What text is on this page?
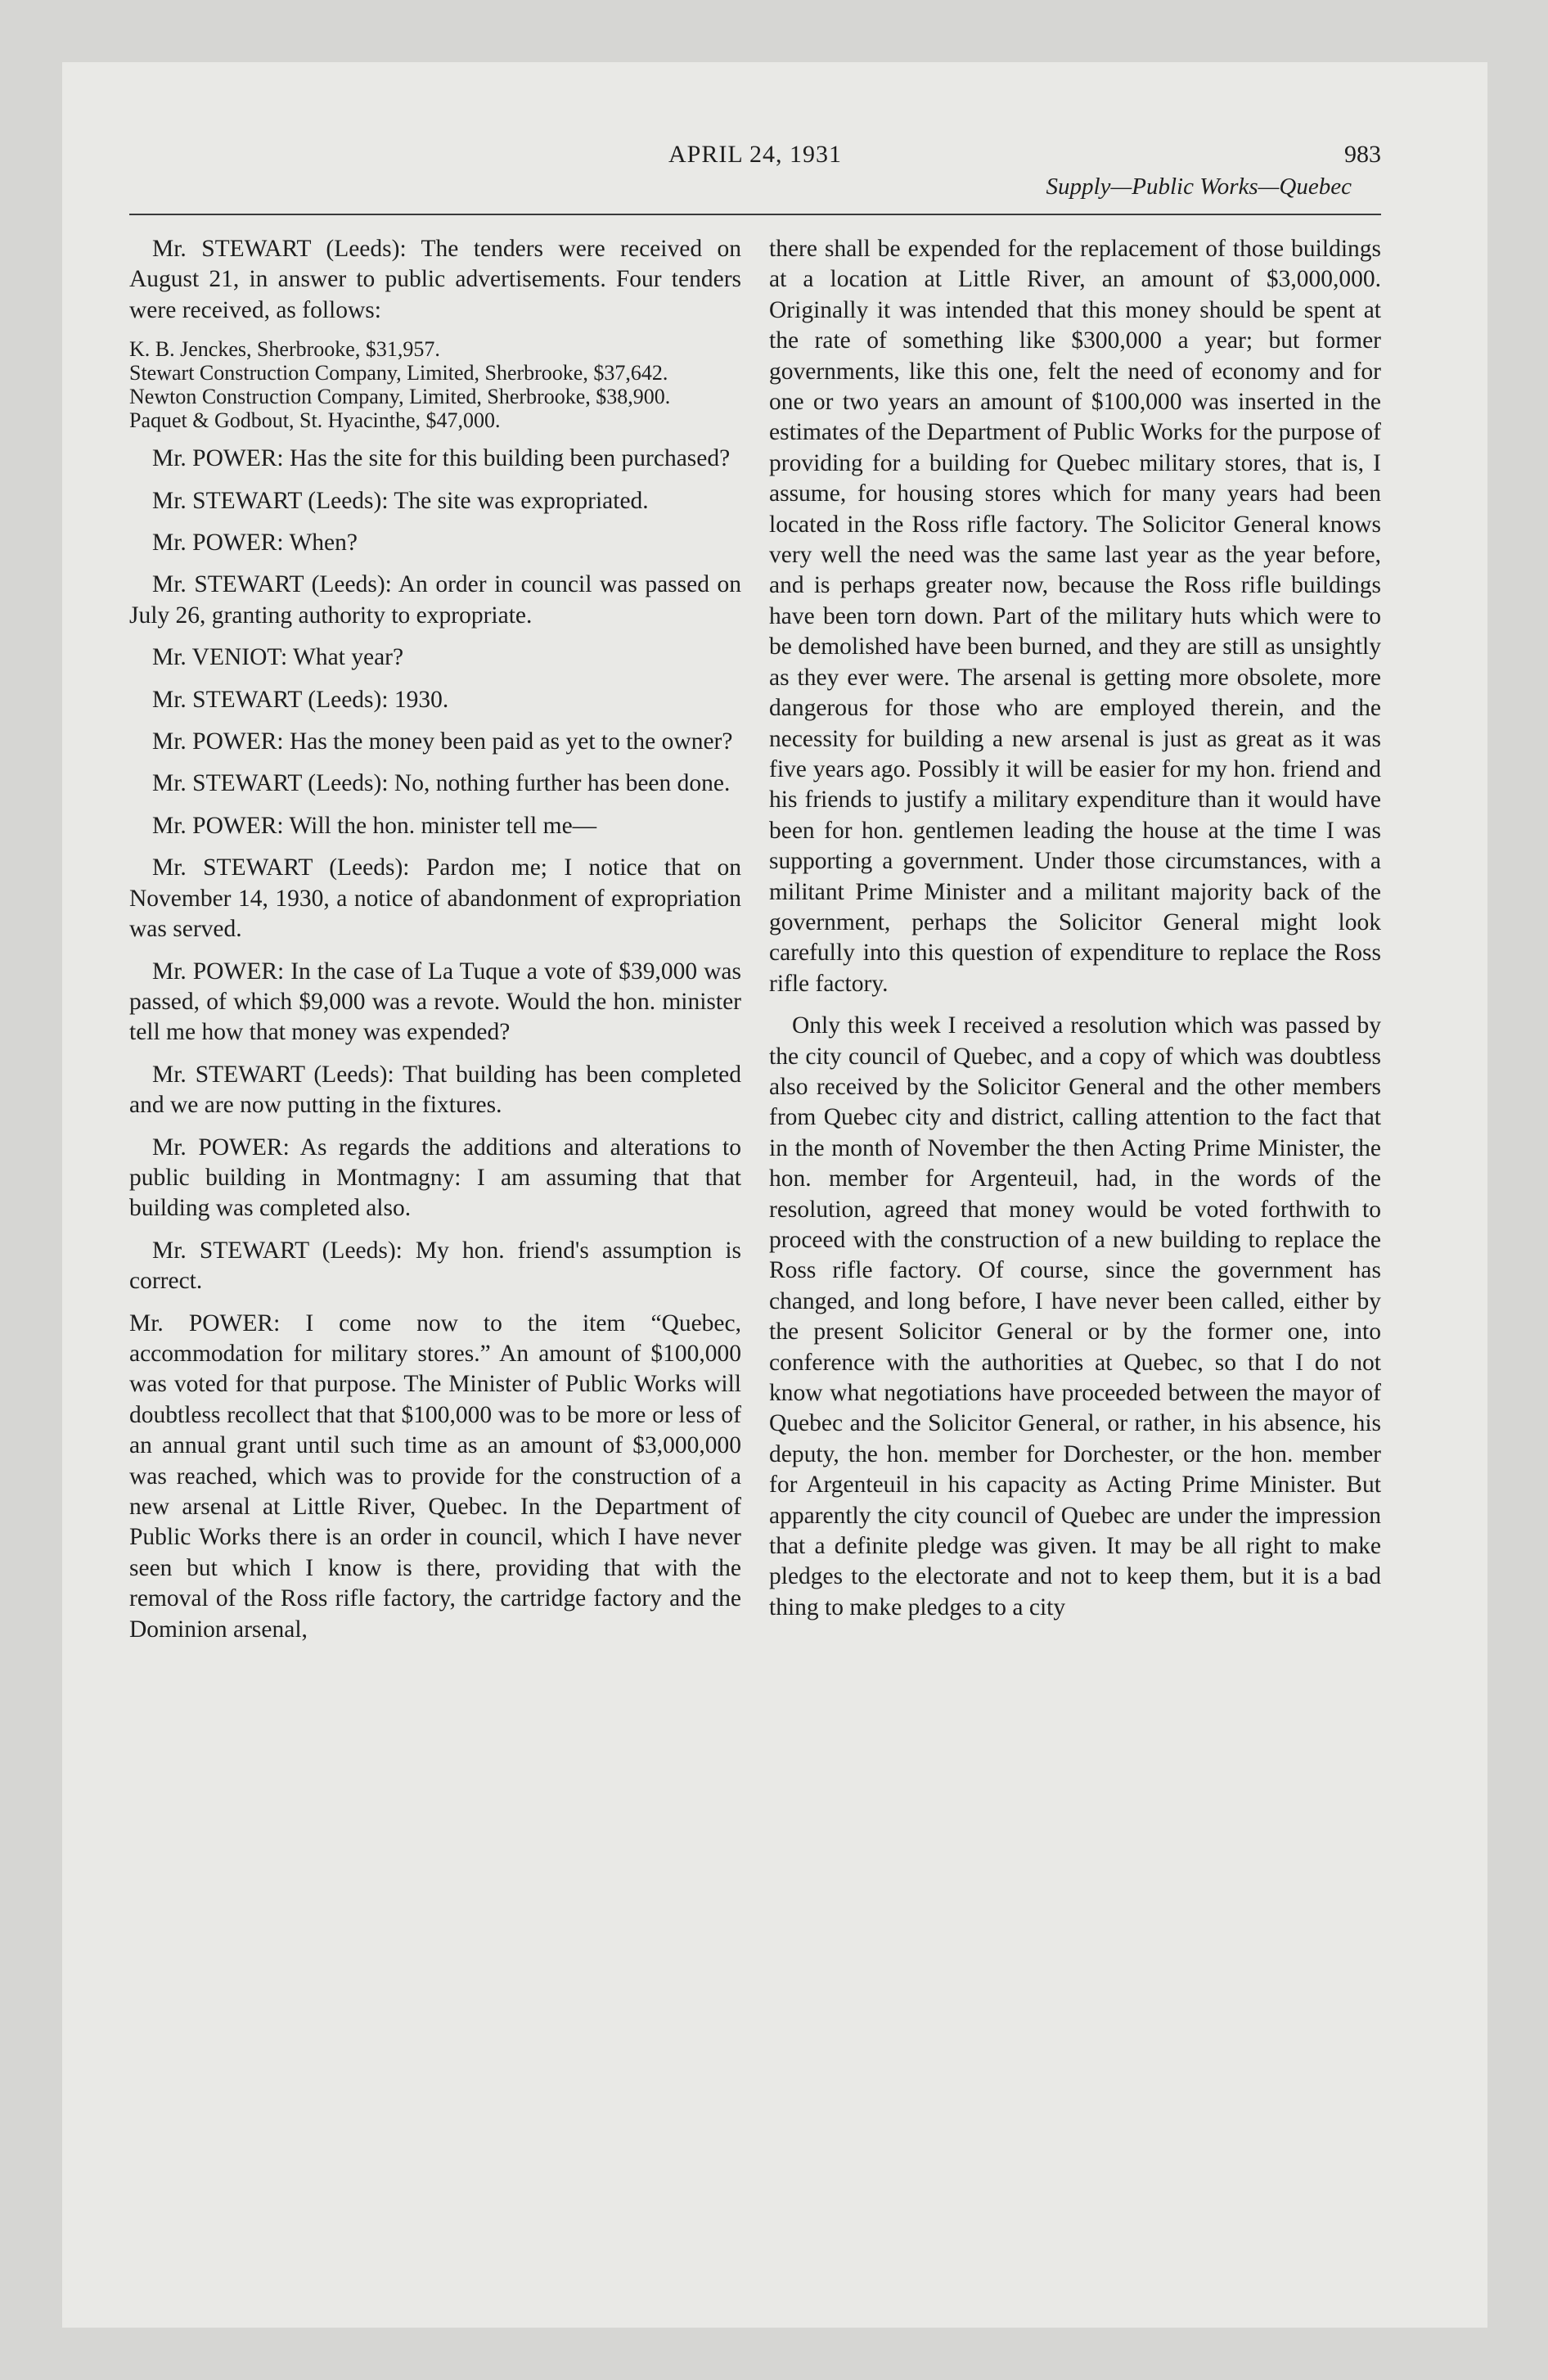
APRIL 24, 1931	983
Supply—Public Works—Quebec

Mr. STEWART (Leeds): The tenders were received on August 21, in answer to public advertisements. Four tenders were received, as follows:

K. B. Jenckes, Sherbrooke, $31,957.
Stewart Construction Company, Limited, Sherbrooke, $37,642.
Newton Construction Company, Limited, Sherbrooke, $38,900.
Paquet & Godbout, St. Hyacinthe, $47,000.

Mr. POWER: Has the site for this building been purchased?

Mr. STEWART (Leeds): The site was expropriated.

Mr. POWER: When?

Mr. STEWART (Leeds): An order in council was passed on July 26, granting authority to expropriate.

Mr. VENIOT: What year?

Mr. STEWART (Leeds): 1930.

Mr. POWER: Has the money been paid as yet to the owner?

Mr. STEWART (Leeds): No, nothing further has been done.

Mr. POWER: Will the hon. minister tell me—

Mr. STEWART (Leeds): Pardon me; I notice that on November 14, 1930, a notice of abandonment of expropriation was served.

Mr. POWER: In the case of La Tuque a vote of $39,000 was passed, of which $9,000 was a revote. Would the hon. minister tell me how that money was expended?

Mr. STEWART (Leeds): That building has been completed and we are now putting in the fixtures.

Mr. POWER: As regards the additions and alterations to public building in Montmagny: I am assuming that that building was completed also.

Mr. STEWART (Leeds): My hon. friend's assumption is correct.

Mr. POWER: I come now to the item “Quebec, accommodation for military stores.” An amount of $100,000 was voted for that purpose. The Minister of Public Works will doubtless recollect that that $100,000 was to be more or less of an annual grant until such time as an amount of $3,000,000 was reached, which was to provide for the construction of a new arsenal at Little River, Quebec. In the Department of Public Works there is an order in council, which I have never seen but which I know is there, providing that with the removal of the Ross rifle factory, the cartridge factory and the Dominion arsenal,

there shall be expended for the replacement of those buildings at a location at Little River, an amount of $3,000,000. Originally it was intended that this money should be spent at the rate of something like $300,000 a year; but former governments, like this one, felt the need of economy and for one or two years an amount of $100,000 was inserted in the estimates of the Department of Public Works for the purpose of providing for a building for Quebec military stores, that is, I assume, for housing stores which for many years had been located in the Ross rifle factory. The Solicitor General knows very well the need was the same last year as the year before, and is perhaps greater now, because the Ross rifle buildings have been torn down. Part of the military huts which were to be demolished have been burned, and they are still as unsightly as they ever were. The arsenal is getting more obsolete, more dangerous for those who are employed therein, and the necessity for building a new arsenal is just as great as it was five years ago. Possibly it will be easier for my hon. friend and his friends to justify a military expenditure than it would have been for hon. gentlemen leading the house at the time I was supporting a government. Under those circumstances, with a militant Prime Minister and a militant majority back of the government, perhaps the Solicitor General might look carefully into this question of expenditure to replace the Ross rifle factory.

Only this week I received a resolution which was passed by the city council of Quebec, and a copy of which was doubtless also received by the Solicitor General and the other members from Quebec city and district, calling attention to the fact that in the month of November the then Acting Prime Minister, the hon. member for Argenteuil, had, in the words of the resolution, agreed that money would be voted forthwith to proceed with the construction of a new building to replace the Ross rifle factory. Of course, since the government has changed, and long before, I have never been called, either by the present Solicitor General or by the former one, into conference with the authorities at Quebec, so that I do not know what negotiations have proceeded between the mayor of Quebec and the Solicitor General, or rather, in his absence, his deputy, the hon. member for Dorchester, or the hon. member for Argenteuil in his capacity as Acting Prime Minister. But apparently the city council of Quebec are under the impression that a definite pledge was given. It may be all right to make pledges to the electorate and not to keep them, but it is a bad thing to make pledges to a city
